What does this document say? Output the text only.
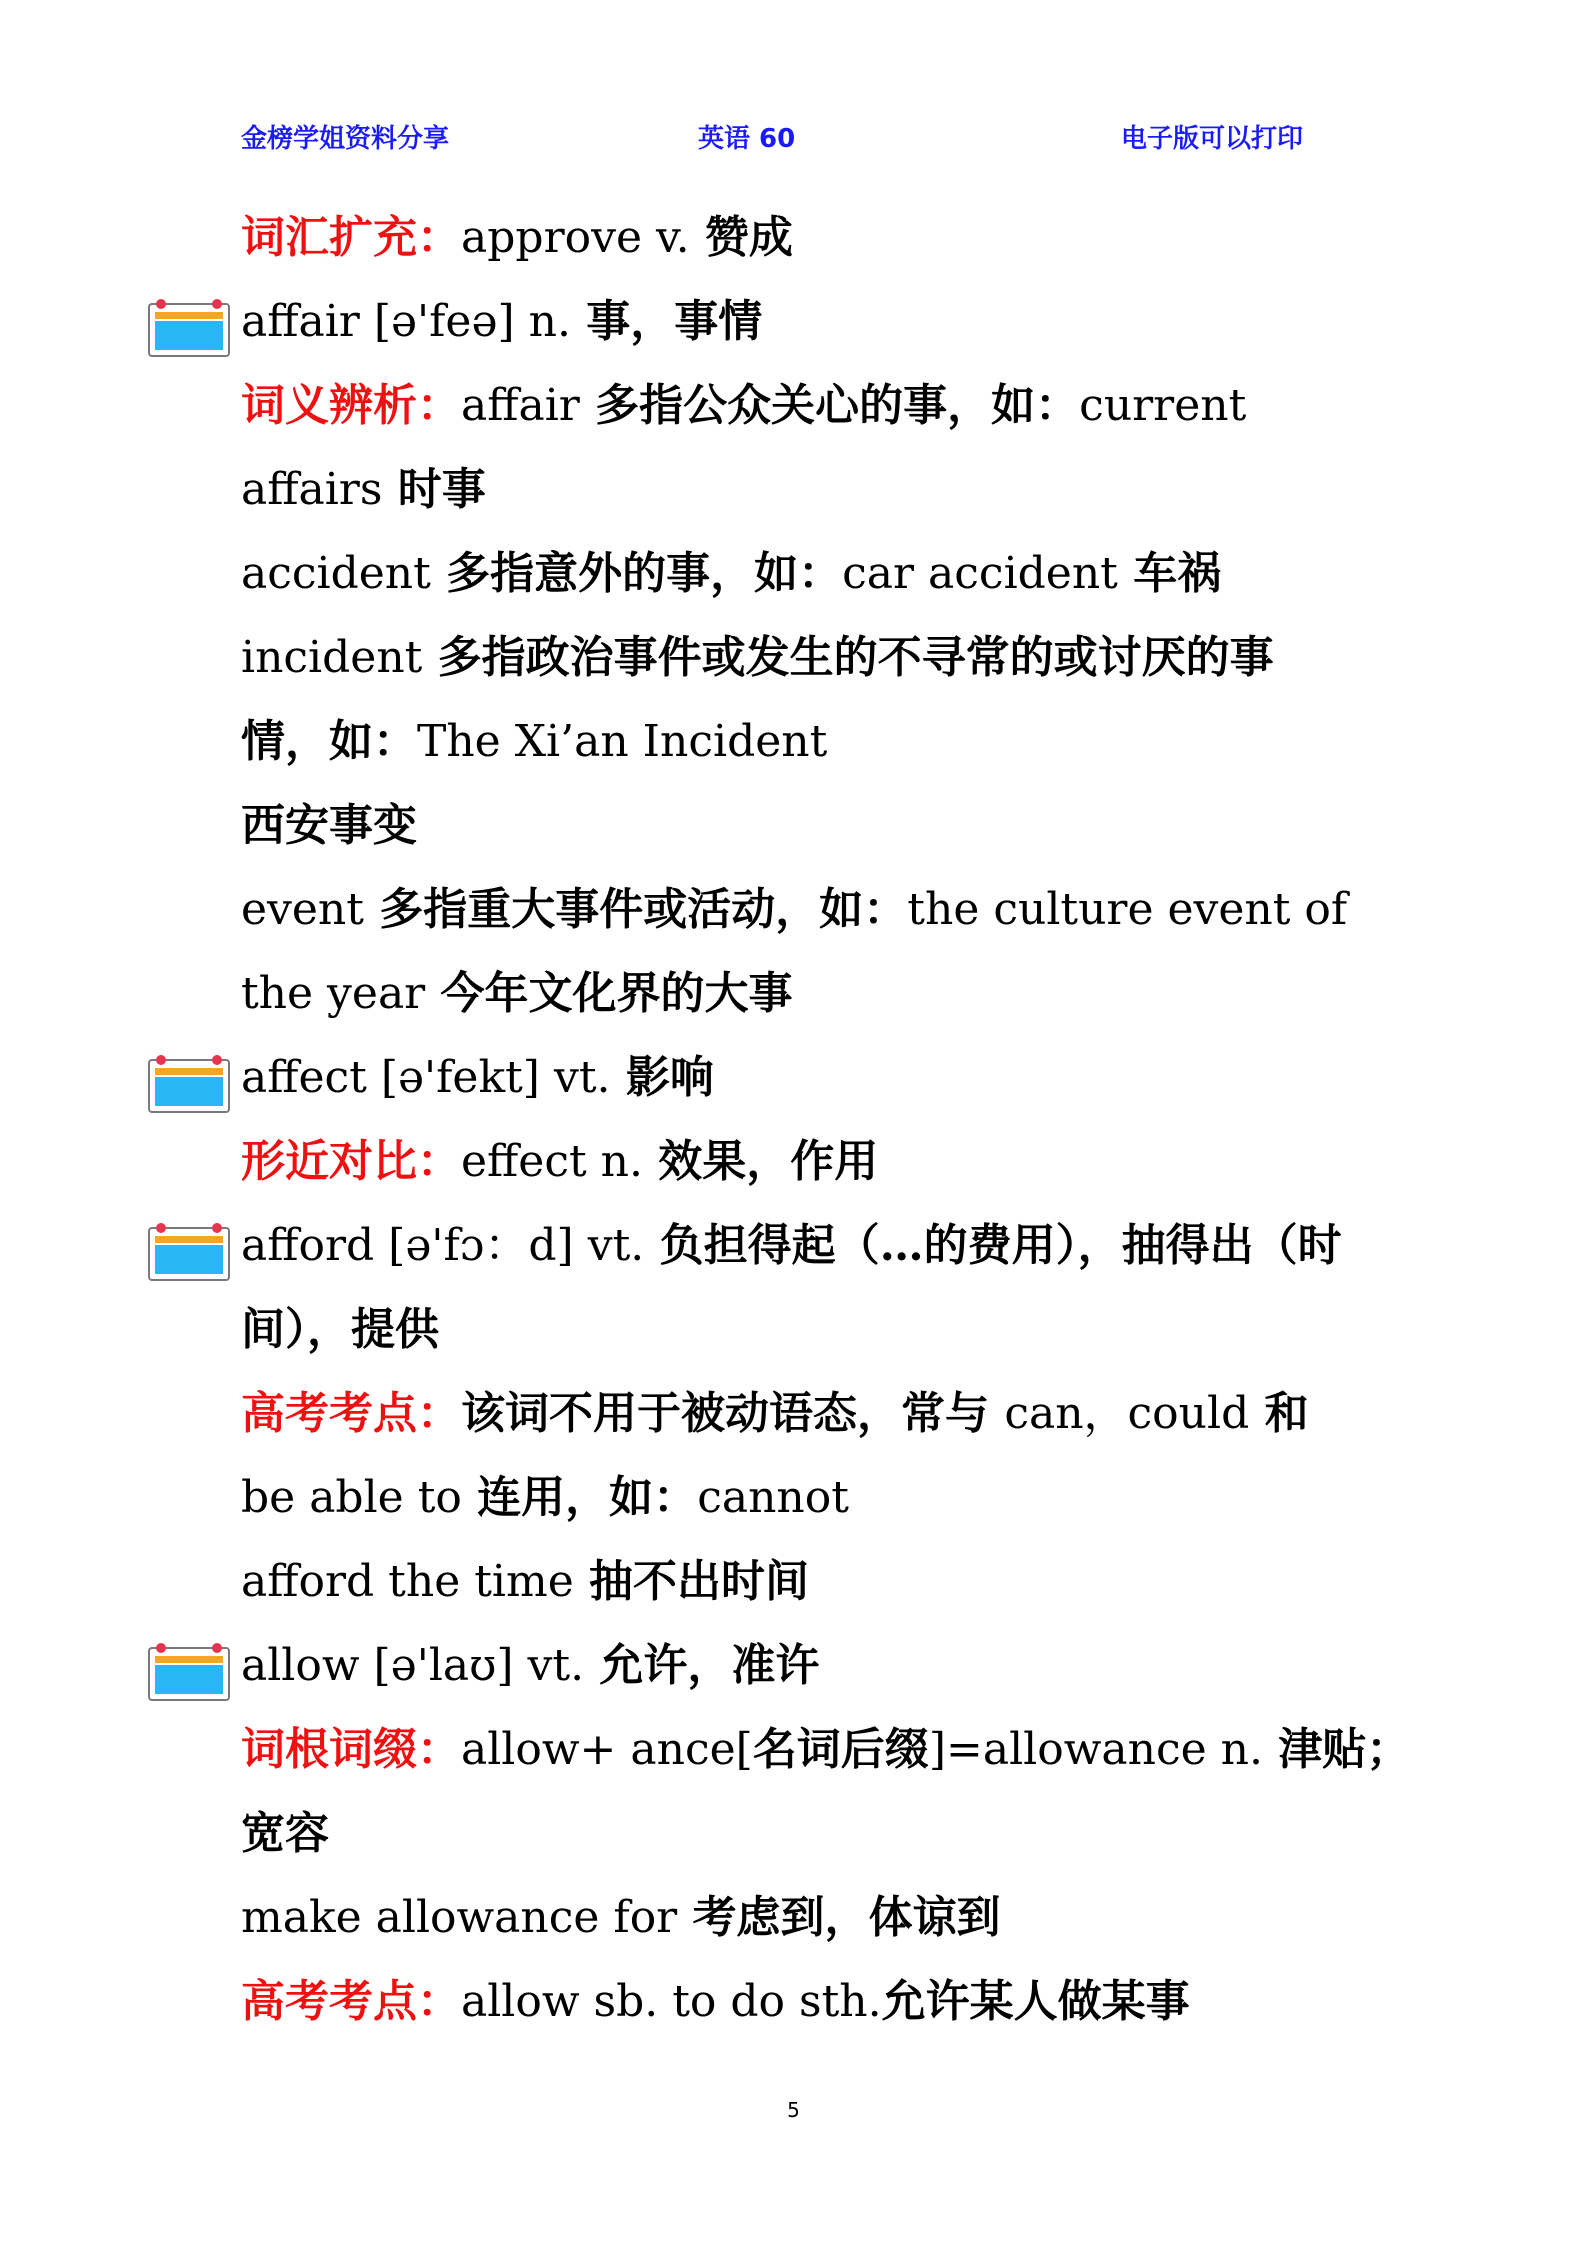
金榜学姐资料分享	英语 60	电子版可以打印
词汇扩充：approve v. 赞成
affair [ə'feə] n. 事，事情
词义辨析：affair 多指公众关心的事，如：current
affairs 时事
accident 多指意外的事，如：car accident 车祸
incident 多指政治事件或发生的不寻常的或讨厌的事
情，如：The Xi’an Incident
西安事变
event 多指重大事件或活动，如：the culture event of
the year 今年文化界的大事
affect [ə'fekt] vt. 影响
形近对比：effect n. 效果，作用
afford [ə'fɔ：d] vt. 负担得起（…的费用），抽得出（时
间），提供
高考考点：该词不用于被动语态，常与 can，could 和
be able to 连用，如：cannot
afford the time 抽不出时间
allow [ə'laʊ] vt. 允许，准许
词根词缀：allow+ ance[名词后缀]=allowance n. 津贴；
宽容
make allowance for 考虑到，体谅到
高考考点：allow sb. to do sth.允许某人做某事
5
